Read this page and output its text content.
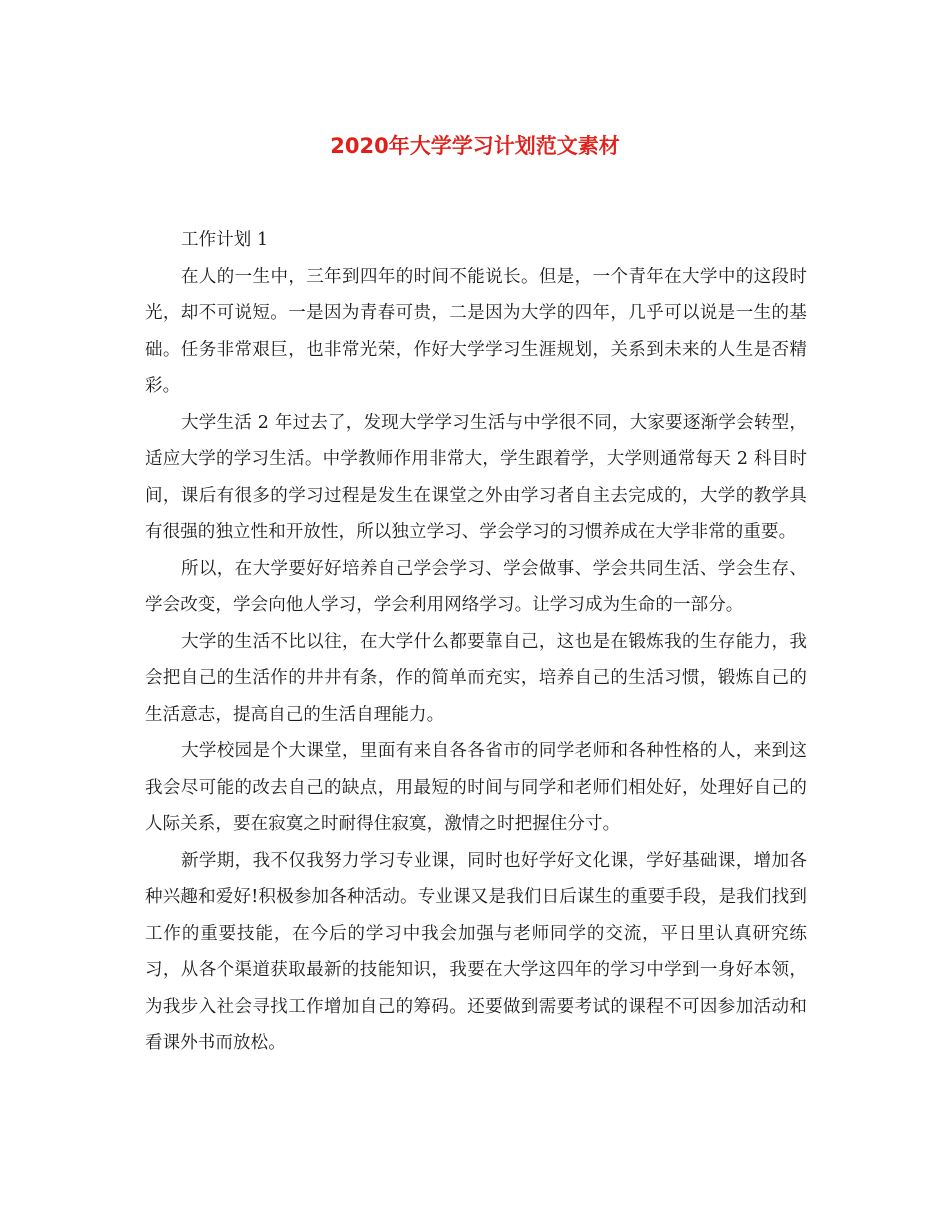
2020年大学学习计划范文素材

工作计划 1

在人的一生中，三年到四年的时间不能说长。但是，一个青年在大学中的这段时光，却不可说短。一是因为青春可贵，二是因为大学的四年，几乎可以说是一生的基础。任务非常艰巨，也非常光荣，作好大学学习生涯规划，关系到未来的人生是否精彩。

大学生活 2 年过去了，发现大学学习生活与中学很不同，大家要逐渐学会转型，适应大学的学习生活。中学教师作用非常大，学生跟着学，大学则通常每天 2 科目时间，课后有很多的学习过程是发生在课堂之外由学习者自主去完成的，大学的教学具有很强的独立性和开放性，所以独立学习、学会学习的习惯养成在大学非常的重要。

所以，在大学要好好培养自己学会学习、学会做事、学会共同生活、学会生存、学会改变，学会向他人学习，学会利用网络学习。让学习成为生命的一部分。

大学的生活不比以往，在大学什么都要靠自己，这也是在锻炼我的生存能力，我会把自己的生活作的井井有条，作的简单而充实，培养自己的生活习惯，锻炼自己的生活意志，提高自己的生活自理能力。

大学校园是个大课堂，里面有来自各各省市的同学老师和各种性格的人，来到这我会尽可能的改去自己的缺点，用最短的时间与同学和老师们相处好，处理好自己的人际关系，要在寂寞之时耐得住寂寞，激情之时把握住分寸。

新学期，我不仅我努力学习专业课，同时也好学好文化课，学好基础课，增加各种兴趣和爱好!积极参加各种活动。专业课又是我们日后谋生的重要手段，是我们找到工作的重要技能，在今后的学习中我会加强与老师同学的交流，平日里认真研究练习，从各个渠道获取最新的技能知识，我要在大学这四年的学习中学到一身好本领，为我步入社会寻找工作增加自己的筹码。还要做到需要考试的课程不可因参加活动和看课外书而放松。
